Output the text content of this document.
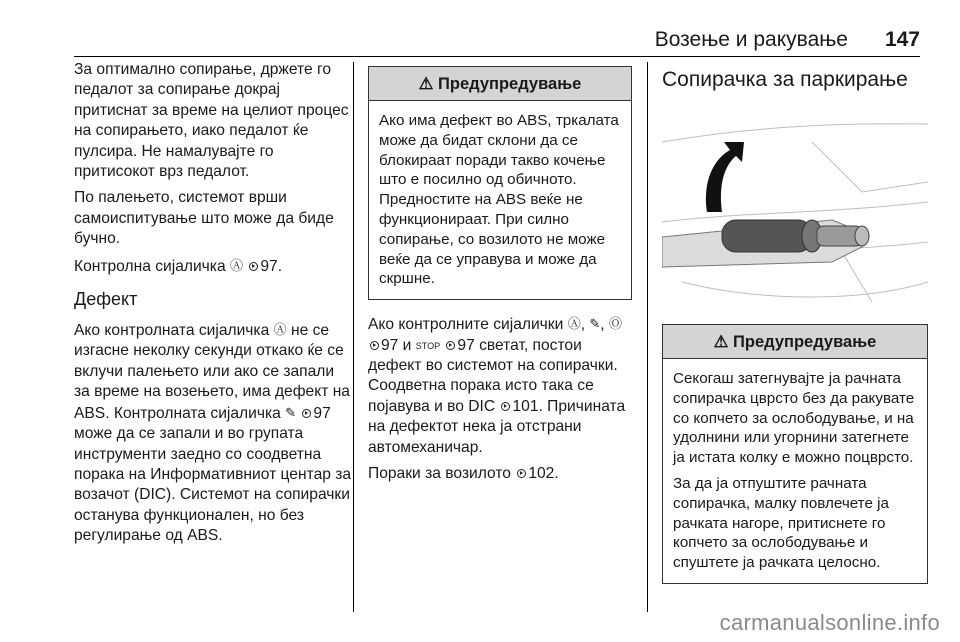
Возење и ракување 147

За оптимално сопирање, држете го педалот за сопирање докрај притиснат за време на целиот процес на сопирањето, иако педалот ќе пулсира. Не намалувајте го притисокот врз педалот.

По палењето, системот врши самоиспитување што може да биде бучно.

Контролна сијаличка Ⓐ 97.

Дефект

Ако контролната сијаличка Ⓐ не се изгасне неколку секунди откако ќе се вклучи палењето или ако се запали за време на возењето, има дефект на ABS. Контролната сијаличка ✎ 97 може да се запали и во групата инструменти заедно со соодветна порака на Информативниот центар за возачот (DIC). Системот на сопирачки останува функционален, но без регулирање од ABS.

⚠ Предупредување

Ако има дефект во ABS, тркалата може да бидат склони да се блокираат поради такво кочење што е посилно од обичното. Предностите на ABS веќе не функционираат. При силно сопирање, со возилото не може веќе да се управува и може да скршне.

Ако контролните сијалички Ⓐ, ✎, Ⓞ 97 и STOP 97 светат, постои дефект во системот на сопирачки. Соодветна порака исто така се појавува и во DIC 101. Причината на дефектот нека ја отстрани автомеханичар.

Пораки за возилото 102.

Сопирачка за паркирање
⚠ Предупредување

Секогаш затегнувајте ја рачната сопирачка цврсто без да ракувате со копчето за ослободување, и на удолнини или угорнини затегнете ја истата колку е можно поцврсто.

За да ја отпуштите рачната сопирачка, малку повлечете ја рачката нагоре, притиснете го копчето за ослободување и спуштете ја рачката целосно.

carmanualsonline.info
